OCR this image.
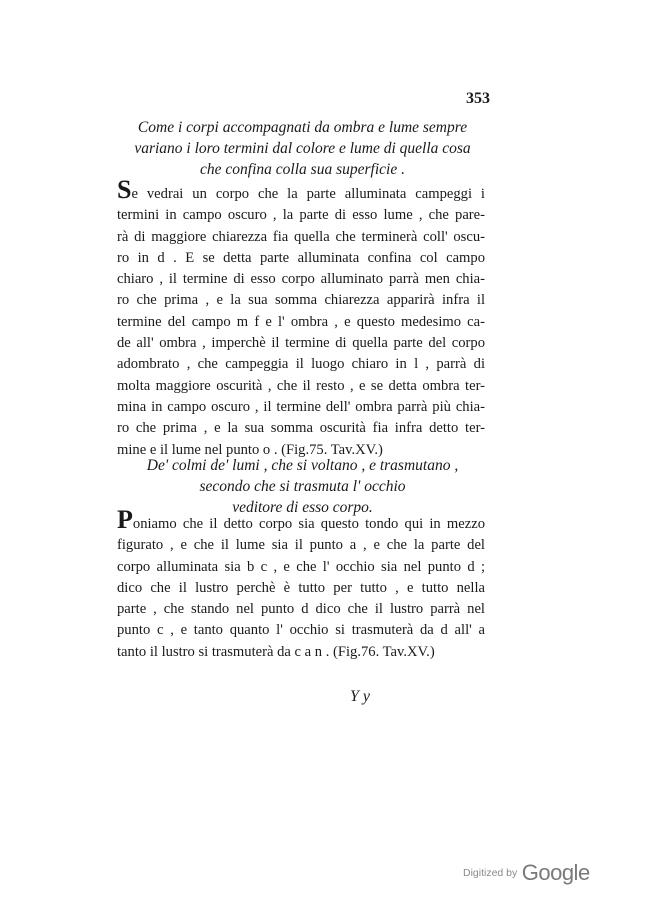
353
Come i corpi accompagnati da ombra e lume sempre
variano i loro termini dal colore e lume di quella cosa
che confina colla sua superficie .
Se vedrai un corpo che la parte alluminata campeggi i
termini in campo oscuro , la parte di esso lume , che pare-
rà di maggiore chiarezza fia quella che terminerà coll' oscu-
ro in d . E se detta parte alluminata confina col campo
chiaro , il termine di esso corpo alluminato parrà men chia-
ro che prima , e la sua somma chiarezza apparirà infra il
termine del campo m f e l' ombra , e questo medesimo ca-
de all' ombra , imperchè il termine di quella parte del corpo
adombrato , che campeggia il luogo chiaro in l , parrà di
molta maggiore oscurità , che il resto , e se detta ombra ter-
mina in campo oscuro , il termine dell' ombra parrà più chia-
ro che prima , e la sua somma oscurità fia infra detto ter-
mine e il lume nel punto o . (Fig.75. Tav.XV.)
De' colmi de' lumi , che si voltano , e trasmutano ,
secondo che si trasmuta l' occhio
veditore di esso corpo.
Poniamo che il detto corpo sia questo tondo qui in mezzo
figurato , e che il lume sia il punto a , e che la parte del
corpo alluminata sia b c , e che l' occhio sia nel punto d ;
dico che il lustro perchè è tutto per tutto , e tutto nella
parte , che stando nel punto d dico che il lustro parrà nel
punto c , e tanto quanto l' occhio si trasmuterà da d all' a
tanto il lustro si trasmuterà da c a n . (Fig.76. Tav.XV.)
Y y
Digitized by Google
